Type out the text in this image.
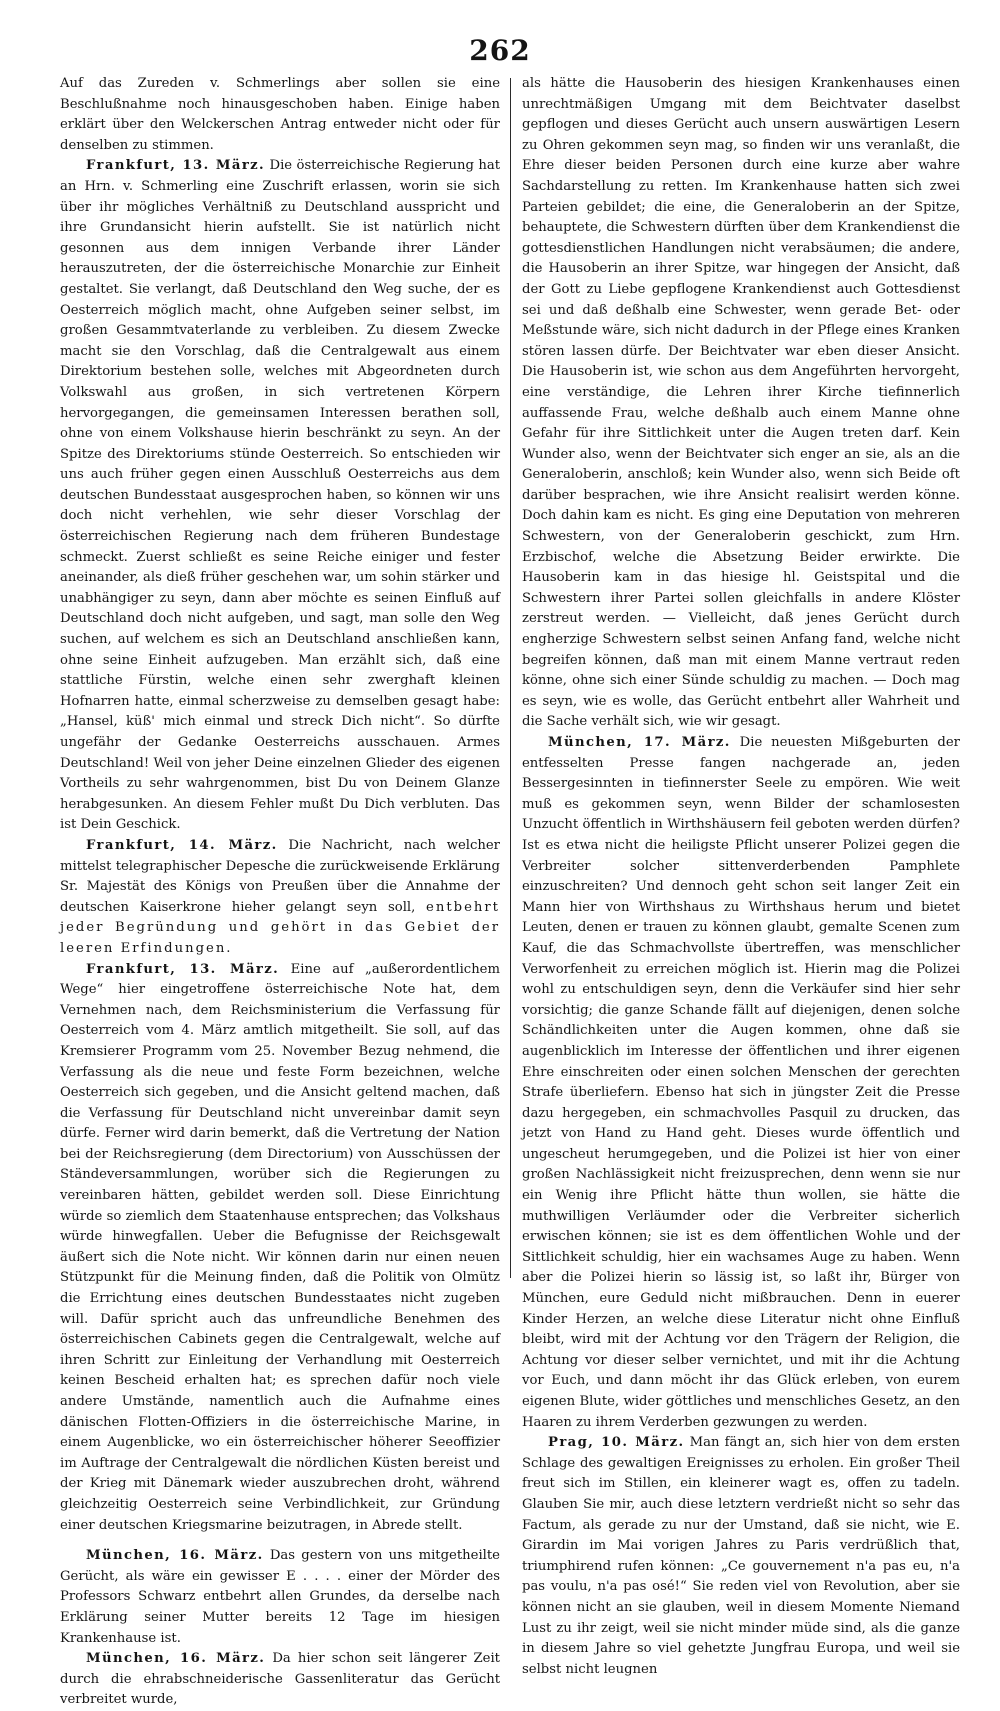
262

Auf das Zureden v. Schmerlings aber sollen sie eine Beschlußnahme noch hinausgeschoben haben. Einige haben erklärt über den Welckerschen Antrag entweder nicht oder für denselben zu stimmen.

Frankfurt, 13. März. Die österreichische Regierung hat an Hrn. v. Schmerling eine Zuschrift erlassen, worin sie sich über ihr mögliches Verhältniß zu Deutschland ausspricht und ihre Grundansicht hierin aufstellt. Sie ist natürlich nicht gesonnen aus dem innigen Verbande ihrer Länder herauszutreten, der die österreichische Monarchie zur Einheit gestaltet. Sie verlangt, daß Deutschland den Weg suche, der es Oesterreich möglich macht, ohne Aufgeben seiner selbst, im großen Gesammtvaterlande zu verbleiben. Zu diesem Zwecke macht sie den Vorschlag, daß die Centralgewalt aus einem Direktorium bestehen solle, welches mit Abgeordneten durch Volkswahl aus großen, in sich vertretenen Körpern hervorgegangen, die gemeinsamen Interessen berathen soll, ohne von einem Volkshause hierin beschränkt zu seyn. An der Spitze des Direktoriums stünde Oesterreich. So entschieden wir uns auch früher gegen einen Ausschluß Oesterreichs aus dem deutschen Bundesstaat ausgesprochen haben, so können wir uns doch nicht verhehlen, wie sehr dieser Vorschlag der österreichischen Regierung nach dem früheren Bundestage schmeckt. Zuerst schließt es seine Reiche einiger und fester aneinander, als dieß früher geschehen war, um sohin stärker und unabhängiger zu seyn, dann aber möchte es seinen Einfluß auf Deutschland doch nicht aufgeben, und sagt, man solle den Weg suchen, auf welchem es sich an Deutschland anschließen kann, ohne seine Einheit aufzugeben. Man erzählt sich, daß eine stattliche Fürstin, welche einen sehr zwerghaft kleinen Hofnarren hatte, einmal scherzweise zu demselben gesagt habe: „Hansel, küß' mich einmal und streck Dich nicht“. So dürfte ungefähr der Gedanke Oesterreichs ausschauen. Armes Deutschland! Weil von jeher Deine einzelnen Glieder des eigenen Vortheils zu sehr wahrgenommen, bist Du von Deinem Glanze herabgesunken. An diesem Fehler mußt Du Dich verbluten. Das ist Dein Geschick.

Frankfurt, 14. März. Die Nachricht, nach welcher mittelst telegraphischer Depesche die zurückweisende Erklärung Sr. Majestät des Königs von Preußen über die Annahme der deutschen Kaiserkrone hieher gelangt seyn soll, entbehrt jeder Begründung und gehört in das Gebiet der leeren Erfindungen.

Frankfurt, 13. März. Eine auf „außerordentlichem Wege“ hier eingetroffene österreichische Note hat, dem Vernehmen nach, dem Reichsministerium die Verfassung für Oesterreich vom 4. März amtlich mitgetheilt. Sie soll, auf das Kremsierer Programm vom 25. November Bezug nehmend, die Verfassung als die neue und feste Form bezeichnen, welche Oesterreich sich gegeben, und die Ansicht geltend machen, daß die Verfassung für Deutschland nicht unvereinbar damit seyn dürfe. Ferner wird darin bemerkt, daß die Vertretung der Nation bei der Reichsregierung (dem Directorium) von Ausschüssen der Ständeversammlungen, worüber sich die Regierungen zu vereinbaren hätten, gebildet werden soll. Diese Einrichtung würde so ziemlich dem Staatenhause entsprechen; das Volkshaus würde hinwegfallen. Ueber die Befugnisse der Reichsgewalt äußert sich die Note nicht. Wir können darin nur einen neuen Stützpunkt für die Meinung finden, daß die Politik von Olmütz die Errichtung eines deutschen Bundesstaates nicht zugeben will. Dafür spricht auch das unfreundliche Benehmen des österreichischen Cabinets gegen die Centralgewalt, welche auf ihren Schritt zur Einleitung der Verhandlung mit Oesterreich keinen Bescheid erhalten hat; es sprechen dafür noch viele andere Umstände, namentlich auch die Aufnahme eines dänischen Flotten-Offiziers in die österreichische Marine, in einem Augenblicke, wo ein österreichischer höherer Seeoffizier im Auftrage der Centralgewalt die nördlichen Küsten bereist und der Krieg mit Dänemark wieder auszubrechen droht, während gleichzeitig Oesterreich seine Verbindlichkeit, zur Gründung einer deutschen Kriegsmarine beizutragen, in Abrede stellt.

München, 16. März. Das gestern von uns mitgetheilte Gerücht, als wäre ein gewisser E . . . . einer der Mörder des Professors Schwarz entbehrt allen Grundes, da derselbe nach Erklärung seiner Mutter bereits 12 Tage im hiesigen Krankenhause ist.

München, 16. März. Da hier schon seit längerer Zeit durch die ehrabschneiderische Gassenliteratur das Gerücht verbreitet wurde,

als hätte die Hausoberin des hiesigen Krankenhauses einen unrechtmäßigen Umgang mit dem Beichtvater daselbst gepflogen und dieses Gerücht auch unsern auswärtigen Lesern zu Ohren gekommen seyn mag, so finden wir uns veranlaßt, die Ehre dieser beiden Personen durch eine kurze aber wahre Sachdarstellung zu retten. Im Krankenhause hatten sich zwei Parteien gebildet; die eine, die Generaloberin an der Spitze, behauptete, die Schwestern dürften über dem Krankendienst die gottesdienstlichen Handlungen nicht verabsäumen; die andere, die Hausoberin an ihrer Spitze, war hingegen der Ansicht, daß der Gott zu Liebe gepflogene Krankendienst auch Gottesdienst sei und daß deßhalb eine Schwester, wenn gerade Bet- oder Meßstunde wäre, sich nicht dadurch in der Pflege eines Kranken stören lassen dürfe. Der Beichtvater war eben dieser Ansicht. Die Hausoberin ist, wie schon aus dem Angeführten hervorgeht, eine verständige, die Lehren ihrer Kirche tiefinnerlich auffassende Frau, welche deßhalb auch einem Manne ohne Gefahr für ihre Sittlichkeit unter die Augen treten darf. Kein Wunder also, wenn der Beichtvater sich enger an sie, als an die Generaloberin, anschloß; kein Wunder also, wenn sich Beide oft darüber besprachen, wie ihre Ansicht realisirt werden könne. Doch dahin kam es nicht. Es ging eine Deputation von mehreren Schwestern, von der Generaloberin geschickt, zum Hrn. Erzbischof, welche die Absetzung Beider erwirkte. Die Hausoberin kam in das hiesige hl. Geistspital und die Schwestern ihrer Partei sollen gleichfalls in andere Klöster zerstreut werden. — Vielleicht, daß jenes Gerücht durch engherzige Schwestern selbst seinen Anfang fand, welche nicht begreifen können, daß man mit einem Manne vertraut reden könne, ohne sich einer Sünde schuldig zu machen. — Doch mag es seyn, wie es wolle, das Gerücht entbehrt aller Wahrheit und die Sache verhält sich, wie wir gesagt.

München, 17. März. Die neuesten Mißgeburten der entfesselten Presse fangen nachgerade an, jeden Bessergesinnten in tiefinnerster Seele zu empören. Wie weit muß es gekommen seyn, wenn Bilder der schamlosesten Unzucht öffentlich in Wirthshäusern feil geboten werden dürfen? Ist es etwa nicht die heiligste Pflicht unserer Polizei gegen die Verbreiter solcher sittenverderbenden Pamphlete einzuschreiten? Und dennoch geht schon seit langer Zeit ein Mann hier von Wirthshaus zu Wirthshaus herum und bietet Leuten, denen er trauen zu können glaubt, gemalte Scenen zum Kauf, die das Schmachvollste übertreffen, was menschlicher Verworfenheit zu erreichen möglich ist. Hierin mag die Polizei wohl zu entschuldigen seyn, denn die Verkäufer sind hier sehr vorsichtig; die ganze Schande fällt auf diejenigen, denen solche Schändlichkeiten unter die Augen kommen, ohne daß sie augenblicklich im Interesse der öffentlichen und ihrer eigenen Ehre einschreiten oder einen solchen Menschen der gerechten Strafe überliefern. Ebenso hat sich in jüngster Zeit die Presse dazu hergegeben, ein schmachvolles Pasquil zu drucken, das jetzt von Hand zu Hand geht. Dieses wurde öffentlich und ungescheut herumgegeben, und die Polizei ist hier von einer großen Nachlässigkeit nicht freizusprechen, denn wenn sie nur ein Wenig ihre Pflicht hätte thun wollen, sie hätte die muthwilligen Verläumder oder die Verbreiter sicherlich erwischen können; sie ist es dem öffentlichen Wohle und der Sittlichkeit schuldig, hier ein wachsames Auge zu haben. Wenn aber die Polizei hierin so lässig ist, so laßt ihr, Bürger von München, eure Geduld nicht mißbrauchen. Denn in euerer Kinder Herzen, an welche diese Literatur nicht ohne Einfluß bleibt, wird mit der Achtung vor den Trägern der Religion, die Achtung vor dieser selber vernichtet, und mit ihr die Achtung vor Euch, und dann möcht ihr das Glück erleben, von eurem eigenen Blute, wider göttliches und menschliches Gesetz, an den Haaren zu ihrem Verderben gezwungen zu werden.

Prag, 10. März. Man fängt an, sich hier von dem ersten Schlage des gewaltigen Ereignisses zu erholen. Ein großer Theil freut sich im Stillen, ein kleinerer wagt es, offen zu tadeln. Glauben Sie mir, auch diese letztern verdrießt nicht so sehr das Factum, als gerade zu nur der Umstand, daß sie nicht, wie E. Girardin im Mai vorigen Jahres zu Paris verdrüßlich that, triumphirend rufen können: „Ce gouvernement n'a pas eu, n'a pas voulu, n'a pas osé!“ Sie reden viel von Revolution, aber sie können nicht an sie glauben, weil in diesem Momente Niemand Lust zu ihr zeigt, weil sie nicht minder müde sind, als die ganze in diesem Jahre so viel gehetzte Jungfrau Europa, und weil sie selbst nicht leugnen
